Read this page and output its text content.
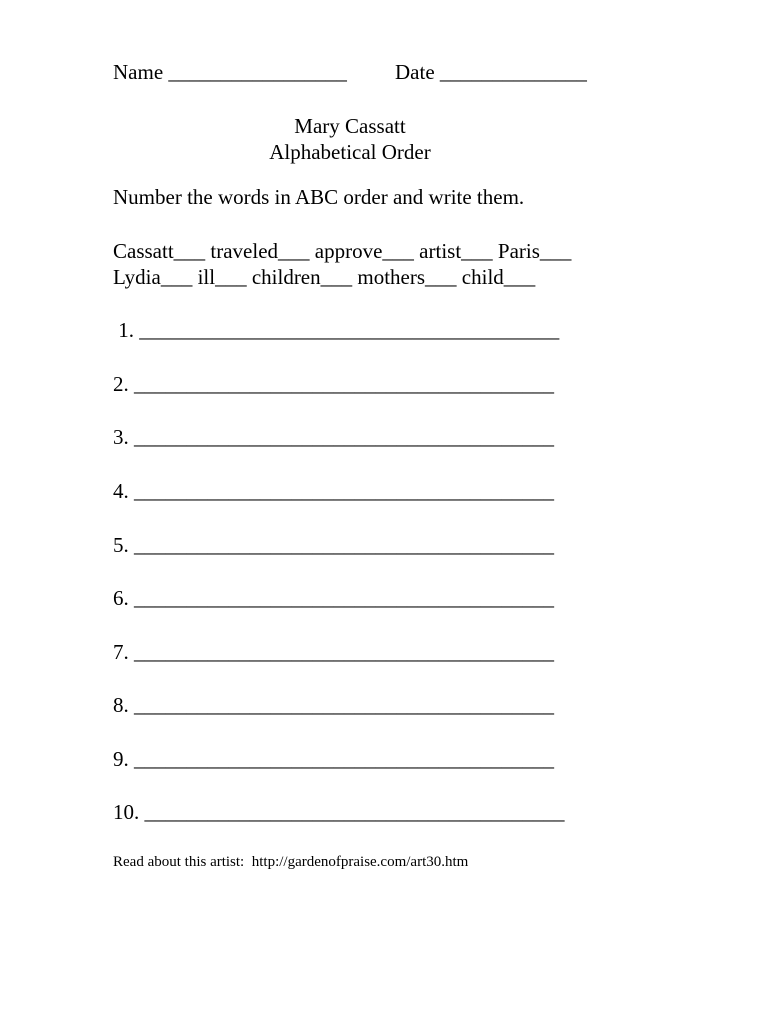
Name _________________ Date ______________
Mary Cassatt
Alphabetical Order
Number the words in ABC order and write them.
Cassatt___ traveled___ approve___ artist___ Paris___
Lydia___ ill___ children___ mothers___ child___
1. ________________________________________
2. ________________________________________
3. ________________________________________
4. ________________________________________
5. ________________________________________
6. ________________________________________
7. ________________________________________
8. ________________________________________
9. ________________________________________
10. ________________________________________
Read about this artist:  http://gardenofpraise.com/art30.htm
